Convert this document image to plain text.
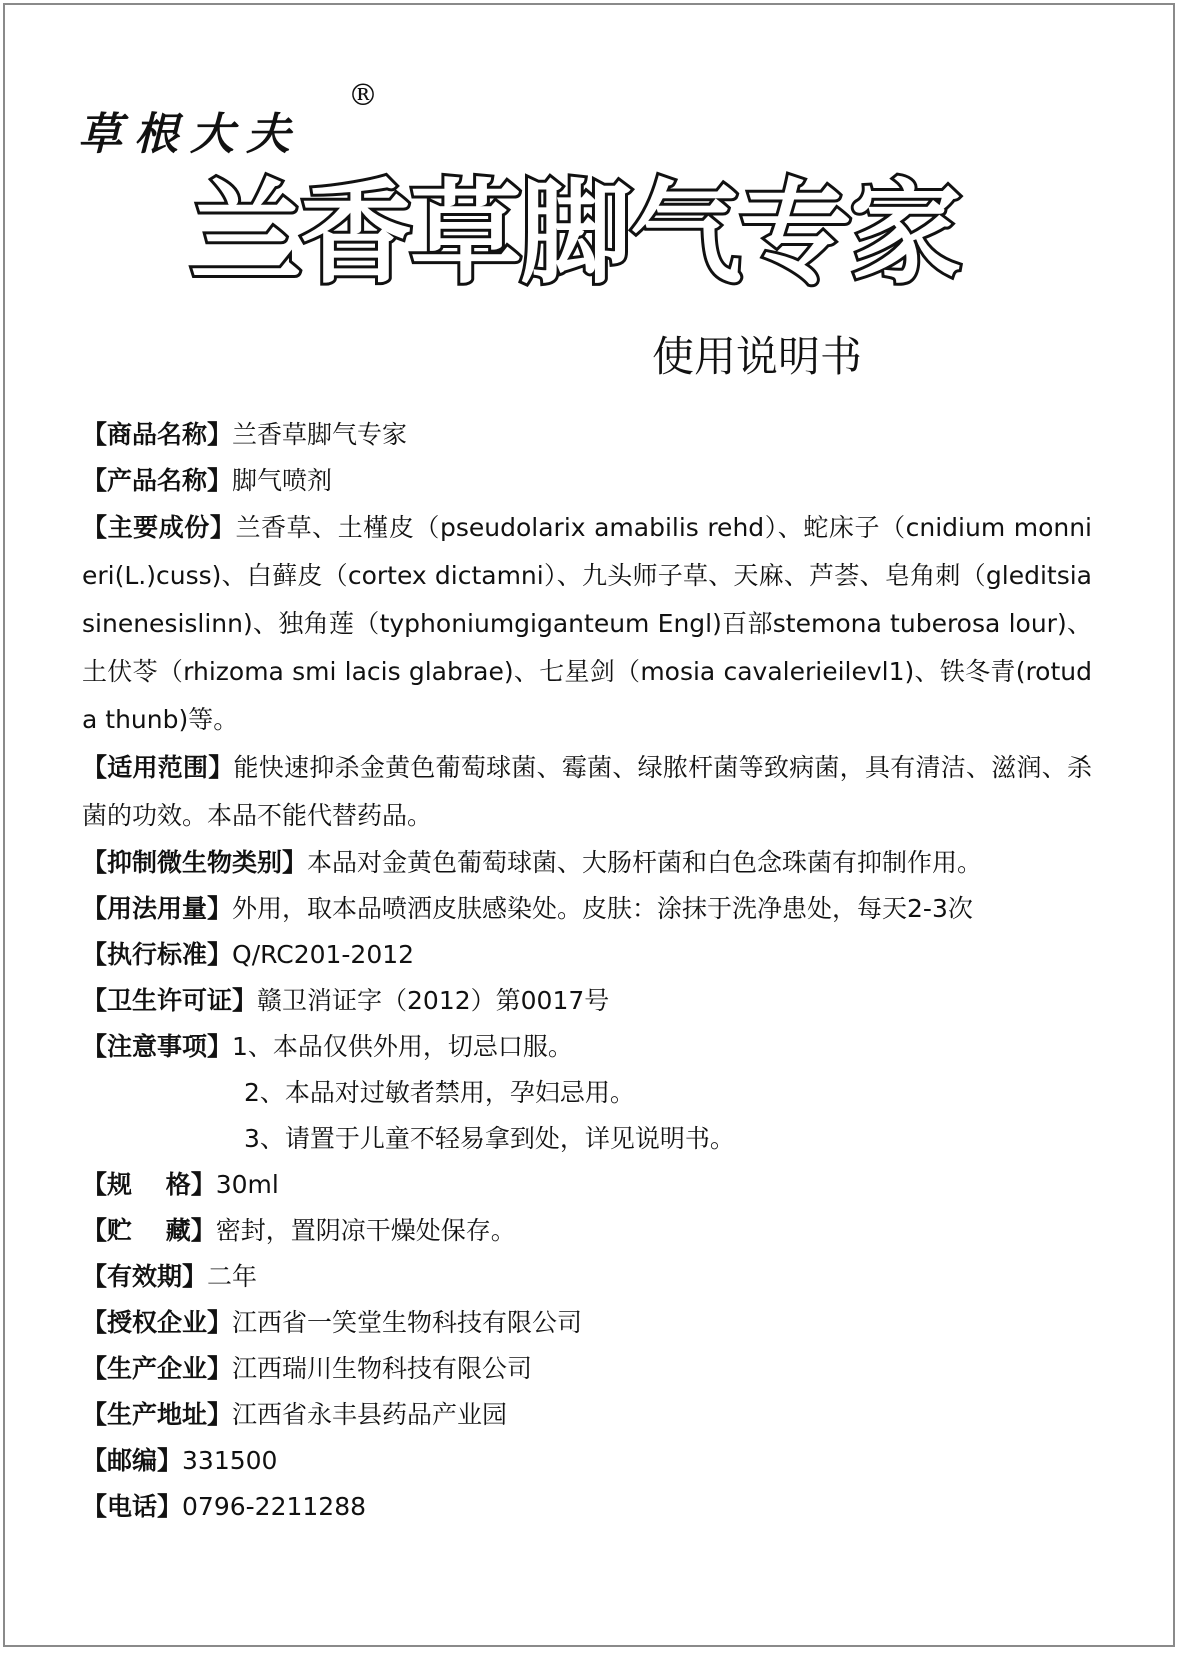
草根大夫
®
兰香草脚气专家
使用说明书
【商品名称】兰香草脚气专家
【产品名称】脚气喷剂
【主要成份】兰香草、土槿皮（pseudolarix amabilis rehd）、蛇床子（cnidium monnieri(L.)cuss)、白藓皮（cortex dictamni）、九头师子草、天麻、芦荟、皂角刺（gleditsiasinenesislinn)、独角莲（typhoniumgiganteum Engl)百部stemona tuberosa lour)、土伏苓（rhizoma smi lacis glabrae)、七星剑（mosia cavalerieilevl1)、铁冬青(rotuda thunb)等。
【适用范围】能快速抑杀金黄色葡萄球菌、霉菌、绿脓杆菌等致病菌，具有清洁、滋润、杀菌的功效。本品不能代替药品。
【抑制微生物类别】本品对金黄色葡萄球菌、大肠杆菌和白色念珠菌有抑制作用。
【用法用量】外用，取本品喷洒皮肤感染处。皮肤：涂抹于洗净患处，每天2-3次
【执行标准】Q/RC201-2012
【卫生许可证】赣卫消证字（2012）第0017号
【注意事项】1、本品仅供外用，切忌口服。
2、本品对过敏者禁用，孕妇忌用。
3、请置于儿童不轻易拿到处，详见说明书。
【规　 格】30ml
【贮　 藏】密封，置阴凉干燥处保存。
【有效期】二年
【授权企业】江西省一笑堂生物科技有限公司
【生产企业】江西瑞川生物科技有限公司
【生产地址】江西省永丰县药品产业园
【邮编】331500
【电话】0796-2211288
